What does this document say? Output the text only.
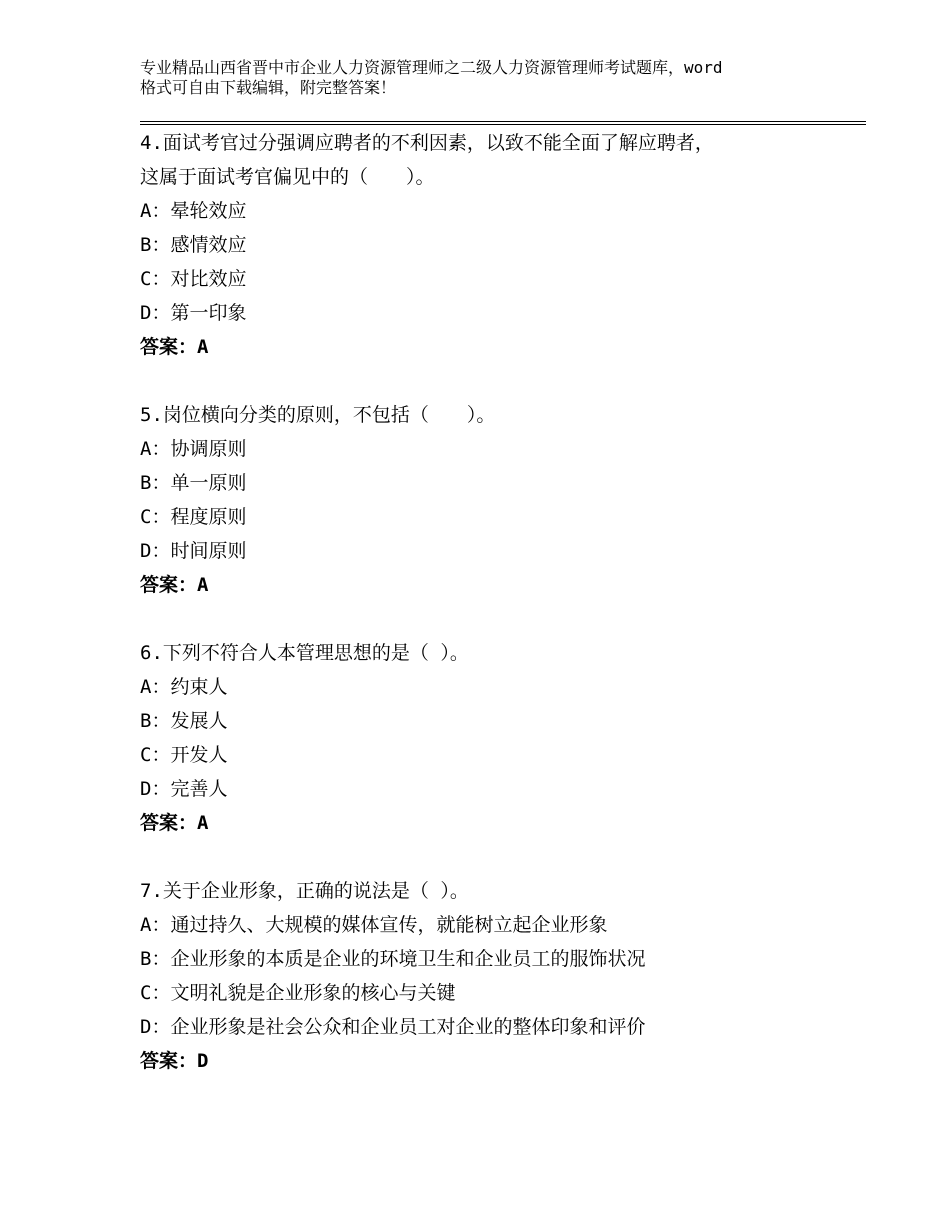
专业精品山西省晋中市企业人力资源管理师之二级人力资源管理师考试题库，word
格式可自由下载编辑，附完整答案！
4.面试考官过分强调应聘者的不利因素，以致不能全面了解应聘者，
这属于面试考官偏见中的（　　）。
A：晕轮效应
B：感情效应
C：对比效应
D：第一印象
答案：A
5.岗位横向分类的原则，不包括（　　）。
A：协调原则
B：单一原则
C：程度原则
D：时间原则
答案：A
6.下列不符合人本管理思想的是（ ）。
A：约束人
B：发展人
C：开发人
D：完善人
答案：A
7.关于企业形象，正确的说法是（ ）。
A：通过持久、大规模的媒体宣传，就能树立起企业形象
B：企业形象的本质是企业的环境卫生和企业员工的服饰状况
C：文明礼貌是企业形象的核心与关键
D：企业形象是社会公众和企业员工对企业的整体印象和评价
答案：D
